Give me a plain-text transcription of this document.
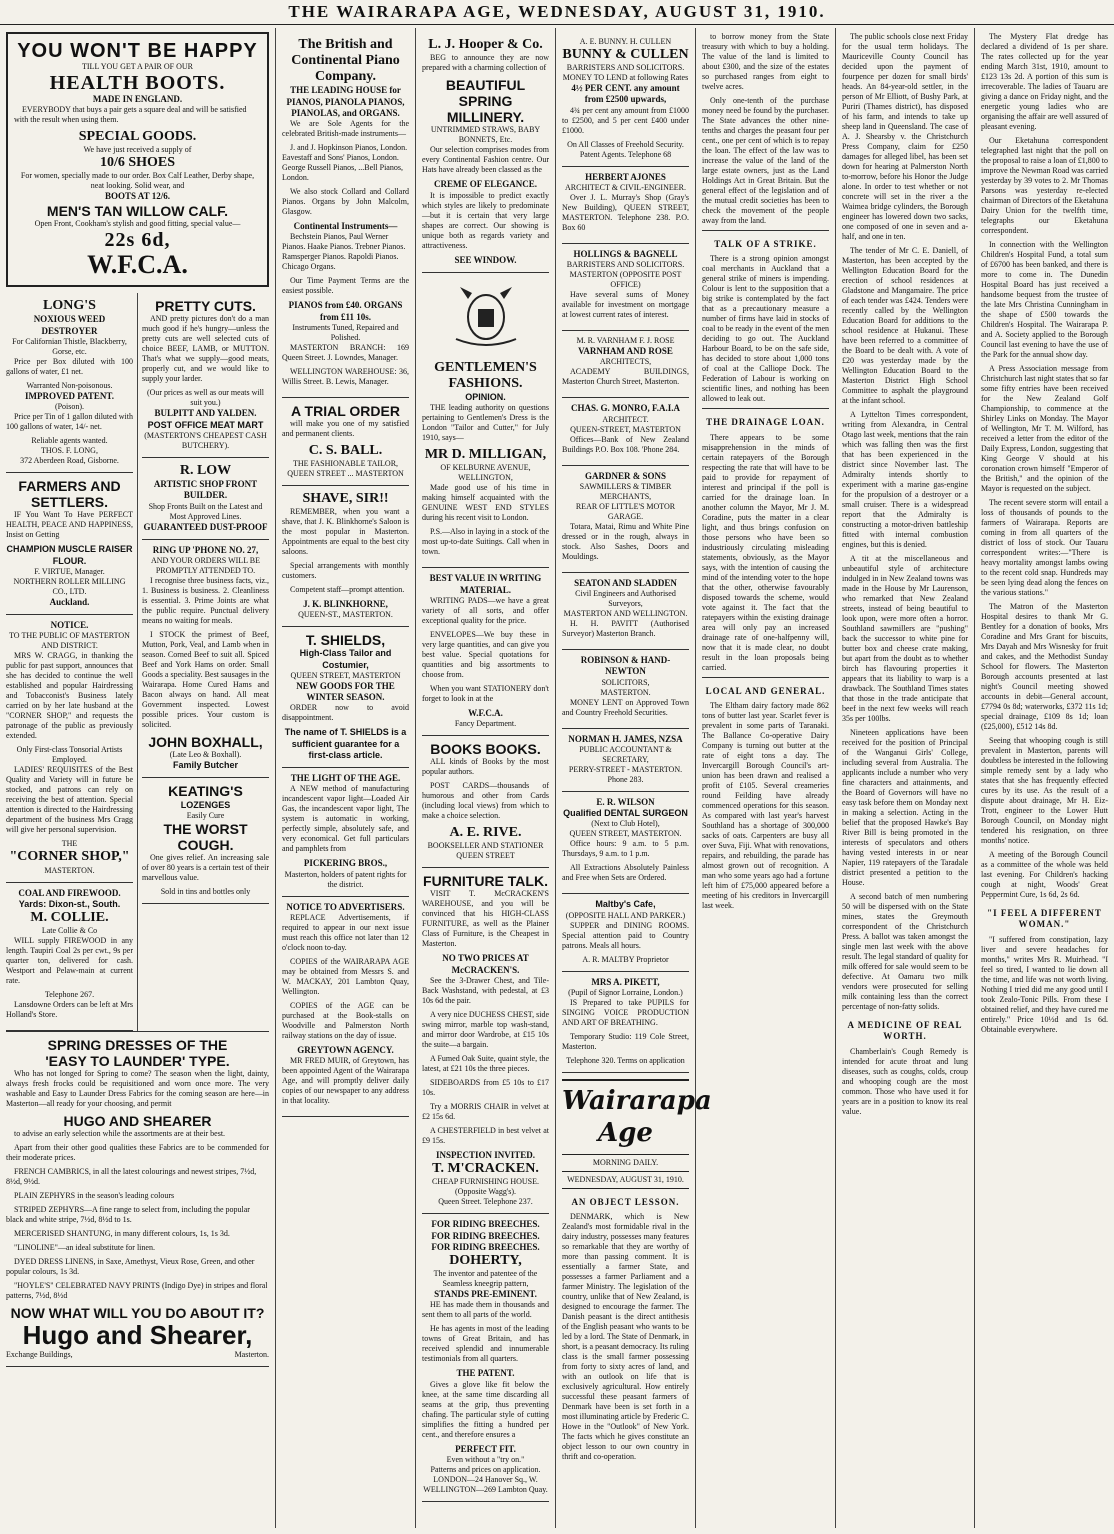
THE WAIRARAPA AGE, WEDNESDAY, AUGUST 31, 1910.
YOU WON'T BE HAPPY
TILL YOU GET A PAIR OF OUR
HEALTH BOOTS.
MADE IN ENGLAND.
EVERYBODY that buys a pair gets a square deal and will be satisfied with the result when using them.
SPECIAL GOODS.
We have just received a supply of
10/6 SHOES
For women, specially made to our order. Box Calf Leather, Derby shape, neat looking. Solid wear, and
BOOTS AT 12/6.
MEN'S TAN WILLOW CALF.
Open Front, Cookham's stylish and good fitting, special value—
22s 6d,
W.F.C.A.
LONG'S
NOXIOUS WEED DESTROYER
For Californian Thistle, Blackberry, Gorse, etc.
Price per Box diluted with 100 gallons of water, £1 net.
Warranted Non-poisonous.
IMPROVED PATENT.
(Poison).
Price per Tin of 1 gallon diluted with 100 gallons of water, 14/- net.
Reliable agents wanted.
THOS. F. LONG,
372 Aberdeen Road, Gisborne.
FARMERS AND SETTLERS.
IF You Want To Have PERFECT HEALTH, PEACE AND HAPPINESS, Insist on Getting
CHAMPION MUSCLE RAISER FLOUR.
F. VIRTUE, Manager.
NORTHERN ROLLER MILLING CO., LTD.
Auckland.
NOTICE.
TO THE PUBLIC OF MASTERTON AND DISTRICT.
MRS W. CRAGG, in thanking the public for past support, announces that she has decided to continue the well established and popular Hairdressing and Tobacconist's Business lately carried on by her late husband at the "CORNER SHOP," and requests the patronage of the public as previously extended.
Only First-class Tonsorial Artists Employed.
LADIES' REQUISITES of the Best Quality and Variety will in future be stocked, and patrons can rely on receiving the best of attention. Special attention is directed to the Hairdressing department of the business Mrs Cragg will give her personal supervision.
THE
"CORNER SHOP,"
MASTERTON.
COAL AND FIREWOOD.
Yards: Dixon-st., South.
M. COLLIE.
Late Collie & Co
WILL supply FIREWOOD in any length. Taupiri Coal 2s per cwt., 9s per quarter ton, delivered for cash. Westport and Pelaw-main at current rate.
Telephone 267.
Lansdowne Orders can be left at Mrs Holland's Store.
PRETTY CUTS.
AND pretty pictures don't do a man much good if he's hungry—unless the pretty cuts are well selected cuts of choice BEEF, LAMB, or MUTTON. That's what we supply—good meats, properly cut, and we would like to supply your larder.
(Our prices as well as our meats will suit you.)
BULPITT AND YALDEN.
POST OFFICE MEAT MART
(MASTERTON'S CHEAPEST CASH BUTCHERY).
R. LOW
ARTISTIC SHOP FRONT BUILDER.
Shop Fronts Built on the Latest and Most Approved Lines.
GUARANTEED DUST-PROOF
RING UP 'PHONE NO. 27,
AND YOUR ORDERS WILL BE PROMPTLY ATTENDED TO.
I recognise three business facts, viz., 1. Business is business. 2. Cleanliness is essential. 3. Prime Joints are what the public require. Punctual delivery means no waiting for meals.
I STOCK the primest of Beef, Mutton, Pork, Veal, and Lamb when in season. Corned Beef to suit all. Spiced Beef and York Hams on order. Small Goods a speciality. Best sausages in the Wairarapa. Home Cured Hams and Bacon always on hand. All meat Government inspected. Lowest possible prices. Your custom is solicited.
JOHN BOXHALL,
(Late Leo & Boxhall).
Family Butcher
KEATING'S
LOZENGES
Easily Cure
THE WORST COUGH.
One gives relief. An increasing sale of over 80 years is a certain test of their marvellous value.
Sold in tins and bottles only
SPRING DRESSES OF THE
'EASY TO LAUNDER' TYPE.
Who has not longed for Spring to come? The season when the light, dainty, always fresh frocks could be requisitioned and worn once more. The very washable and Easy to Launder Dress Fabrics for the coming season are here—in Masterton—all ready for your choosing, and permit
HUGO AND SHEARER
to advise an early selection while the assortments are at their best.
Apart from their other good qualities these Fabrics are to be commended for their moderate prices.
FRENCH CAMBRICS, in all the latest colourings and newest stripes, 7½d, 8½d, 9½d.
PLAIN ZEPHYRS in the season's leading colours
STRIPED ZEPHYRS—A fine range to select from, including the popular black and white stripe, 7½d, 8½d to 1s.
MERCERISED SHANTUNG, in many different colours, 1s, 1s 3d.
"LINOLINE"—an ideal substitute for linen.
DYED DRESS LINENS, in Saxe, Amethyst, Vieux Rose, Green, and other popular colours, 1s 3d.
"HOYLE'S" CELEBRATED NAVY PRINTS (Indigo Dye) in stripes and floral patterns, 7½d, 8½d
NOW WHAT WILL YOU DO ABOUT IT?
Hugo and Shearer,
Exchange Buildings,	Masterton.
The British and Continental Piano Company.
THE LEADING HOUSE for PIANOS, PIANOLA PIANOS, PIANOLAS, and ORGANS.
We are Sole Agents for the celebrated British-made instruments—
J. and J. Hopkinson Pianos, London. Eavestaff and Sons' Pianos, London. George Russell Pianos, ...Bell Pianos, London.
We also stock Collard and Collard Pianos. Organs by John Malcolm, Glasgow.
Continental Instruments—
Bechstein Pianos, Paul Werner Pianos. Haake Pianos. Trebner Pianos. Ramsperger Pianos. Rapoldi Pianos. Chicago Organs.
Our Time Payment Terms are the easiest possible.
PIANOS from £40. ORGANS from £11 10s.
Instruments Tuned, Repaired and Polished.
MASTERTON BRANCH: 169 Queen Street. J. Lowndes, Manager.
WELLINGTON WAREHOUSE: 36, Willis Street. B. Lewis, Manager.
A TRIAL ORDER
will make you one of my satisfied and permanent clients.
C. S. BALL.
THE FASHIONABLE TAILOR,
QUEEN STREET ... MASTERTON
SHAVE, SIR!!
REMEMBER, when you want a shave, that J. K. Blinkhorne's Saloon is the most popular in Masterton. Appointments are equal to the best city saloons.
Special arrangements with monthly customers.
Competent staff—prompt attention.
J. K. BLINKHORNE,
QUEEN-ST., MASTERTON.
T. SHIELDS,
High-Class Tailor and Costumier,
QUEEN STREET, MASTERTON
NEW GOODS FOR THE WINTER SEASON.
ORDER now to avoid disappointment.
The name of T. SHIELDS is a sufficient guarantee for a first-class article.
THE LIGHT OF THE AGE.
A NEW method of manufacturing incandescent vapor light—Loaded Air Gas, the incandescent vapor light, The system is automatic in working, perfectly simple, absolutely safe, and very economical. Get full particulars and pamphlets from
PICKERING BROS.,
Masterton, holders of patent rights for the district.
NOTICE TO ADVERTISERS.
REPLACE Advertisements, if required to appear in our next issue must reach this office not later than 12 o'clock noon to-day.
COPIES of the WAIRARAPA AGE may be obtained from Messrs S. and W. MACKAY, 201 Lambton Quay, Wellington.
COPIES of the AGE can be purchased at the Book-stalls on Woodville and Palmerston North railway stations on the day of issue.
GREYTOWN AGENCY.
MR FRED MUIR, of Greytown, has been appointed Agent of the Wairarapa Age, and will promptly deliver daily copies of our newspaper to any address in that locality.
L. J. Hooper & Co.
BEG to announce they are now prepared with a charming collection of
BEAUTIFUL SPRING MILLINERY.
UNTRIMMED STRAWS, BABY BONNETS, Etc.
Our selection comprises modes from every Continental Fashion centre. Our Hats have already been classed as the
CREME OF ELEGANCE.
It is impossible to predict exactly which styles are likely to predominate—but it is certain that very large shapes are correct. Our showing is unique both as regards variety and attractiveness.
SEE WINDOW.
GENTLEMEN'S FASHIONS.
OPINION.
THE leading authority on questions pertaining to Gentlemen's Dress is the London "Tailor and Cutter," for July 1910, says—
MR D. MILLIGAN,
OF KELBURNE AVENUE, WELLINGTON,
Made good use of his time in making himself acquainted with the GENUINE WEST END STYLES during his recent visit to London.
P.S.—Also in laying in a stock of the most up-to-date Suitings. Call when in town.
BEST VALUE IN WRITING MATERIAL.
WRITING PADS—we have a great variety of all sorts, and offer exceptional quality for the price.
ENVELOPES—We buy these in very large quantities, and can give you best value. Special quotations for quantities and big assortments to choose from.
When you want STATIONERY don't forget to look in at the
W.F.C.A.
Fancy Department.
BOOKS BOOKS.
ALL kinds of Books by the most popular authors.
POST CARDS—thousands of humorous and other from Cards (including local views) from which to make a choice selection.
A. E. RIVE.
BOOKSELLER AND STATIONER
QUEEN STREET
FURNITURE TALK.
VISIT T. McCRACKEN'S WAREHOUSE, and you will be convinced that his HIGH-CLASS FURNITURE, as well as the Plainer Class of Furniture, is the Cheapest in Masterton.
NO TWO PRICES AT McCRACKEN'S.
See the 3-Drawer Chest, and Tile-Back Washstand, with pedestal, at £3 10s 6d the pair.
A very nice DUCHESS CHEST, side swing mirror, marble top wash-stand, and mirror door Wardrobe, at £15 10s the suite—a bargain.
A Fumed Oak Suite, quaint style, the latest, at £21 10s the three pieces.
SIDEBOARDS from £5 10s to £17 10s.
Try a MORRIS CHAIR in velvet at £2 15s 6d.
A CHESTERFIELD in best velvet at £9 15s.
INSPECTION INVITED.
T. M'CRACKEN.
CHEAP FURNISHING HOUSE.
(Opposite Wagg's).
Queen Street. Telephone 237.
FOR RIDING BREECHES.
FOR RIDING BREECHES.
FOR RIDING BREECHES.
DOHERTY,
The inventor and patentee of the Seamless kneegrip pattern,
STANDS PRE-EMINENT.
HE has made them in thousands and sent them to all parts of the world.
He has agents in most of the leading towns of Great Britain, and has received splendid and innumerable testimonials from all quarters.
THE PATENT.
Gives a glove like fit below the knee, at the same time discarding all seams at the grip, thus preventing chafing. The particular style of cutting simplifies the fitting a hundred per cent., and therefore ensures a
PERFECT FIT.
Even without a "try on."
Patterns and prices on application.
LONDON—24 Hanover Sq., W.
WELLINGTON—269 Lambton Quay.
A. E. BUNNY. H. CULLEN
BUNNY & CULLEN
BARRISTERS AND SOLICITORS.
MONEY TO LEND at following Rates
4½ PER CENT. any amount from £2500 upwards,
4¾ per cent any amount from £1000 to £2500, and 5 per cent £400 under £1000.
On All Classes of Freehold Security.
Patent Agents. Telephone 68
HERBERT AJONES
ARCHITECT & CIVIL-ENGINEER.
Over J. L. Murray's Shop (Gray's New Building), QUEEN STREET, MASTERTON. Telephone 238. P.O. Box 60
HOLLINGS & BAGNELL
BARRISTERS AND SOLICITORS.
MASTERTON (OPPOSITE POST OFFICE)
Have several sums of Money available for investment on mortgage at lowest current rates of interest.
M. R. VARNHAM F. J. ROSE
VARNHAM AND ROSE
ARCHITECTS,
ACADEMY BUILDINGS, Masterton Church Street, Masterton.
CHAS. G. MONRO, F.A.I.A
ARCHITECT.
QUEEN-STREET, MASTERTON
Offices—Bank of New Zealand Buildings P.O. Box 108. 'Phone 284.
GARDNER & SONS
SAWMILLERS & TIMBER MERCHANTS,
REAR OF LITTLE'S MOTOR GARAGE.
Totara, Matai, Rimu and White Pine dressed or in the rough, always in stock. Also Sashes, Doors and Mouldings.
SEATON AND SLADDEN
Civil Engineers and Authorised Surveyors,
MASTERTON AND WELLINGTON.
H. H. PAVITT (Authorised Surveyor) Masterton Branch.
ROBINSON & HAND-NEWTON
SOLICITORS,
MASTERTON.
MONEY LENT on Approved Town and Country Freehold Securities.
NORMAN H. JAMES, NZSA
PUBLIC ACCOUNTANT & SECRETARY,
PERRY-STREET - MASTERTON.
Phone 283.
E. R. WILSON
Qualified DENTAL SURGEON
(Next to Club Hotel),
QUEEN STREET, MASTERTON.
Office hours: 9 a.m. to 5 p.m. Thursdays, 9 a.m. to 1 p.m.
All Extractions Absolutely Painless and Free when Sets are Ordered.
Maltby's Cafe,
(OPPOSITE HALL AND PARKER.)
SUPPER and DINING ROOMS. Special attention paid to Country patrons. Meals all hours.
A. R. MALTBY Proprietor
MRS A. PIKETT,
(Pupil of Signor Lorraine, London.)
IS Prepared to take PUPILS for SINGING VOICE PRODUCTION AND ART OF BREATHING.
Temporary Studio: 119 Cole Street, Masterton.
Telephone 320. Terms on application
Wairarapa Age
MORNING DAILY.
WEDNESDAY, AUGUST 31, 1910.
AN OBJECT LESSON.
DENMARK, which is New Zealand's most formidable rival in the dairy industry, possesses many features so remarkable that they are worthy of more than passing comment. It is essentially a farmer State, and possesses a farmer Parliament and a farmer Ministry. The legislation of the country, unlike that of New Zealand, is designed to encourage the farmer. The Danish peasant is the direct antithesis of the English peasant who wants to be led by a lord. The State of Denmark, in short, is a peasant democracy. Its ruling class is the small farmer possessing from forty to sixty acres of land, and with an outlook on life that is exclusively agricultural. How entirely successful these peasant farmers of Denmark have been is set forth in a most illuminating article by Frederic C. Howe in the "Outlook" of New York. The facts which he gives constitute an object lesson to our own country in thrift and co-operation.
to borrow money from the State treasury with which to buy a holding. The value of the land is limited to about £300, and the size of the estates so purchased ranges from eight to twelve acres.
Only one-tenth of the purchase money need be found by the purchaser. The State advances the other nine-tenths and charges the peasant four per cent., one per cent of which is to repay the loan. The effect of the law was to increase the value of the land of the large estate owners, just as the Land Holdings Act in Great Britain. But the general effect of the legislation and of the mutual credit societies has been to check the movement of the people away from the land.
TALK OF A STRIKE.
There is a strong opinion amongst coal merchants in Auckland that a general strike of miners is impending. Colour is lent to the supposition that a big strike is contemplated by the fact that as a precautionary measure a number of firms have laid in stocks of coal to be ready in the event of the men deciding to go out. The Auckland Harbour Board, to be on the safe side, has decided to store about 1,000 tons of coal at the Calliope Dock. The Federation of Labour is working on scientific lines, and nothing has been allowed to leak out.
THE DRAINAGE LOAN.
There appears to be some misapprehension in the minds of certain ratepayers of the Borough respecting the rate that will have to be paid to provide for repayment of interest and principal if the poll is carried for the drainage loan. In another column the Mayor, Mr J. M. Coradine, puts the matter in a clear light, and thus brings confusion on those persons who have been so industriously circulating misleading statements, obviously, as the Mayor says, with the intention of causing the mind of the intending voter to the hope that the other, otherwise favourably disposed towards the scheme, would vote against it. The fact that the ratepayers within the existing drainage area will only pay an increased drainage rate of one-halfpenny will, now that it is made clear, no doubt result in the loan proposals being carried.
LOCAL AND GENERAL.
The Eltham dairy factory made 862 tons of butter last year. Scarlet fever is prevalent in some parts of Taranaki. The Ballance Co-operative Dairy Company is turning out butter at the rate of eight tons a day. The Invercargill Borough Council's art-union has been drawn and realised a profit of £105. Several creameries round Feilding have already commenced operations for this season. As compared with last year's harvest Southland has a shortage of 300,000 sacks of oats. Carpenters are busy all over Suva, Fiji. What with renovations, repairs, and rebuilding, the parade has almost grown out of recognition. A man who some years ago had a fortune left him of £75,000 appeared before a meeting of his creditors in Invercargill last week.
The public schools close next Friday for the usual term holidays. The Mauriceville County Council has decided upon the payment of fourpence per dozen for small birds' heads. An 84-year-old settler, in the person of Mr Elliott, of Bushy Park, at Puriri (Thames district), has disposed of his farm, and intends to take up sheep land in Queensland. The case of A. J. Shearsby v. the Christchurch Press Company, claim for £250 damages for alleged libel, has been set down for hearing at Palmerston North to-morrow, before his Honor the Judge alone. In order to test whether or not concrete will set in the river a the Waimea bridge cylinders, the Borough engineer has lowered down two sacks, one composed of one in seven and a-half, and one in ten.
The tender of Mr C. E. Daniell, of Masterton, has been accepted by the Wellington Education Board for the erection of school residences at Gladstone and Mangamaire. The price of each tender was £424. Tenders were recently called by the Wellington Education Board for additions to the school residence at Hukanui. These have been referred to a committee of the Board to be dealt with. A vote of £20 was yesterday made by the Wellington Education Board to the Masterton District High School Committee to asphalt the playground at the infant school.
A Lyttelton Times correspondent, writing from Alexandra, in Central Otago last week, mentions that the rain which was falling then was the first that has been experienced in the district since November last. The Admiralty intends shortly to experiment with a marine gas-engine for the propulsion of a destroyer or a small cruiser. There is a widespread report that the Admiralty is constructing a motor-driven battleship fitted with internal combustion engines, but this is denied.
A tit at the miscellaneous and unbeautiful style of architecture indulged in in New Zealand towns was made in the House by Mr Laurenson, who remarked that New Zealand streets, instead of being beautiful to look upon, were more often a horror. Southland sawmillers are "pushing" back the successor to white pine for butter box and cheese crate making, but apart from the doubt as to whether birch has flavouring properties it appears that its liability to warp is a drawback. The Southland Times states that those in the trade anticipate that beef in the next few weeks will reach 35s per 100lbs.
Nineteen applications have been received for the position of Principal of the Wanganui Girls' College, including several from Australia. The applicants include a number who very fine characters and attainments, and the Board of Governors will have no easy task before them on Monday next in making a selection. Acting in the belief that the proposed Hawke's Bay River Bill is being promoted in the interests of speculators and others having vested interests in or near Napier, 119 ratepayers of the Taradale district presented a petition to the House.
A second batch of men numbering 50 will be dispersed with on the State mines, states the Greymouth correspondent of the Christchurch Press. A ballot was taken amongst the single men last week with the above result. The legal standard of quality for milk offered for sale would seem to be defective. At Oamaru two milk vendors were prosecuted for selling milk containing less than the correct percentage of non-fatty solids.
A MEDICINE OF REAL WORTH.
Chamberlain's Cough Remedy is intended for acute throat and lung diseases, such as coughs, colds, croup and whooping cough are the most common. Those who have used it for years are in a position to know its real value.
The Mystery Flat dredge has declared a dividend of 1s per share. The rates collected up for the year ending March 31st, 1910, amount to £123 13s 2d. A portion of this sum is irrecoverable. The ladies of Tauaru are giving a dance on Friday night, and the energetic young ladies who are organising the affair are well assured of pleasant evening.
Our Eketahuna correspondent telegraphed last night that the poll on the proposal to raise a loan of £1,800 to improve the Newman Road was carried yesterday by 39 votes to 2. Mr Thomas Parsons was yesterday re-elected chairman of Directors of the Eketahuna Dairy Union for the twelfth time, telegraphs our Eketahuna correspondent.
In connection with the Wellington Children's Hospital Fund, a total sum of £6700 has been banked, and there is more to come in. The Dunedin Hospital Board has just received a handsome bequest from the trustee of the late Mrs Christina Cunningham in the shape of £500 towards the Children's Hospital. The Wairarapa P. and A. Society applied to the Borough Council last evening to have the use of the Park for the annual show day.
A Press Association message from Christchurch last night states that so far some fifty entries have been received for the New Zealand Golf Championship, to commence at the Shirley Links on Monday. The Mayor of Wellington, Mr T. M. Wilford, has received a letter from the editor of the Daily Express, London, suggesting that King George V should at his coronation crown himself "Emperor of the British," and the opinion of the Mayor is requested on the subject.
The recent severe storm will entail a loss of thousands of pounds to the farmers of Wairarapa. Reports are coming in from all quarters of the district of loss of stock. Our Tauaru correspondent writes:—"There is heavy mortality amongst lambs owing to the recent cold snap. Hundreds may be seen lying dead along the fences on the various stations."
The Matron of the Masterton Hospital desires to thank Mr G. Bentley for a donation of books, Mrs Coradine and Mrs Grant for biscuits, Mrs Dayah and Mrs Wisnesky for fruit and cakes, and the Methodist Sunday School for flowers. The Masterton Borough accounts presented at last night's Council meeting showed accounts in debit—General account, £7794 0s 8d; waterworks, £372 11s 1d; special drainage, £109 8s 1d; loan (£25,000), £512 14s 8d.
Seeing that whooping cough is still prevalent in Masterton, parents will doubtless be interested in the following simple remedy sent by a lady who states that she has frequently effected cures by its use. As the result of a dispute about drainage, Mr H. Eiz-Trott, engineer to the Lower Hutt Borough Council, on Monday night tendered his resignation, on three months' notice.
A meeting of the Borough Council as a committee of the whole was held last evening. For Children's hacking cough at night, Woods' Great Peppermint Cure, 1s 6d, 2s 6d.
"I FEEL A DIFFERENT WOMAN."
"I suffered from constipation, lazy liver and severe headaches for months," writes Mrs R. Muirhead. "I feel so tired, I wanted to lie down all the time, and life was not worth living. Nothing I tried did me any good until I took Zealo-Tonic Pills. From these I obtained relief, and they have cured me entirely." Price 10½d and 1s 6d. Obtainable everywhere.
